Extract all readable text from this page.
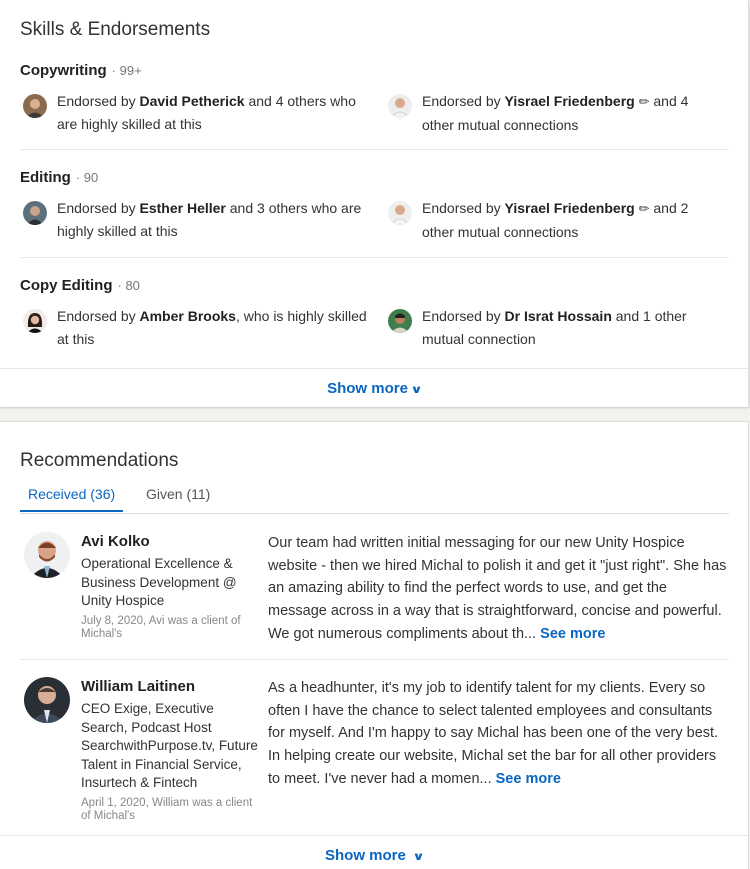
Skills & Endorsements
Copywriting · 99+
Endorsed by David Petherick and 4 others who are highly skilled at this
Endorsed by Yisrael Friedenberg ✏ and 4 other mutual connections
Editing · 90
Endorsed by Esther Heller and 3 others who are highly skilled at this
Endorsed by Yisrael Friedenberg ✏ and 2 other mutual connections
Copy Editing · 80
Endorsed by Amber Brooks, who is highly skilled at this
Endorsed by Dr Israt Hossain and 1 other mutual connection
Show more ∨
Recommendations
Received (36)	Given (11)
Avi Kolko
Operational Excellence & Business Development @ Unity Hospice
July 8, 2020, Avi was a client of Michal's
Our team had written initial messaging for our new Unity Hospice website - then we hired Michal to polish it and get it "just right". She has an amazing ability to find the perfect words to use, and get the message across in a way that is straightforward, concise and powerful. We got numerous compliments about th... See more
William Laitinen
CEO Exige, Executive Search, Podcast Host SearchwithPurpose.tv, Future Talent in Financial Service, Insurtech & Fintech
April 1, 2020, William was a client of Michal's
As a headhunter, it's my job to identify talent for my clients. Every so often I have the chance to select talented employees and consultants for myself. And I'm happy to say Michal has been one of the very best. In helping create our website, Michal set the bar for all other providers to meet. I've never had a momen... See more
Show more ∨
